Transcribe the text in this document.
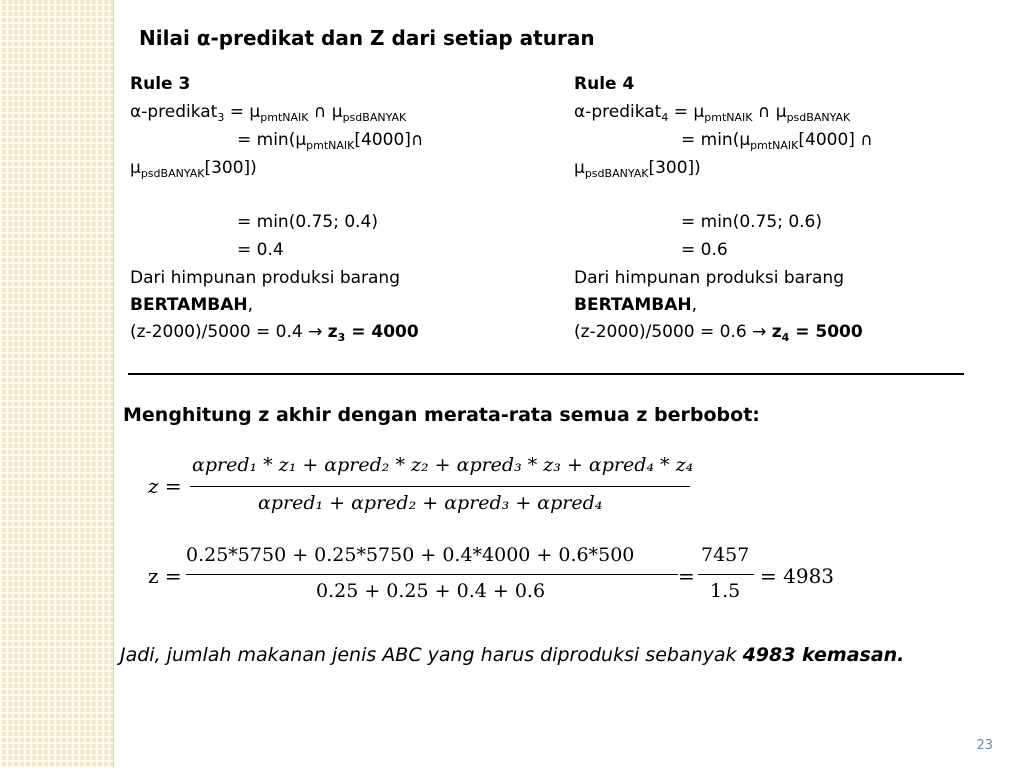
Nilai α-predikat dan Z dari setiap aturan
Rule 3
α-predikat$_3$ = $\mu_{pmtNAIK}$ ∩ $\mu_{psdBANYAK}$
= $\min(\mu_{pmtNAIK}[4000]\cap$
$\mu_{psdBANYAK}[300]$)
= min(0.75; 0.4)
= 0.4
Dari himpunan produksi barang
BERTAMBAH,
$(z-2000)/5000 = 0.4 \to z_3 = 4000$
Rule 4
α-predikat$_4$ = $\mu_{pmtNAIK}$ ∩ $\mu_{psdBANYAK}$
= $\min(\mu_{pmtNAIK}[4000]$ ∩
$\mu_{psdBANYAK}[300]$)
= min(0.75; 0.6)
= 0.6
Dari himpunan produksi barang
BERTAMBAH,
$(z-2000)/5000 = 0.6 \to z_4 = 5000$
Menghitung z akhir dengan merata-rata semua z berbobot:
z =
αpred₁ * z₁ + αpred₂ * z₂ + αpred₃ * z₃ + αpred₄ * z₄
αpred₁ + αpred₂ + αpred₃ + αpred₄
z =
0.25*5750 + 0.25*5750 + 0.4*4000 + 0.6*500
0.25 + 0.25 + 0.4 + 0.6
=
7457
1.5
= 4983
Jadi, jumlah makanan jenis ABC yang harus diproduksi sebanyak 4983 kemasan.
23
